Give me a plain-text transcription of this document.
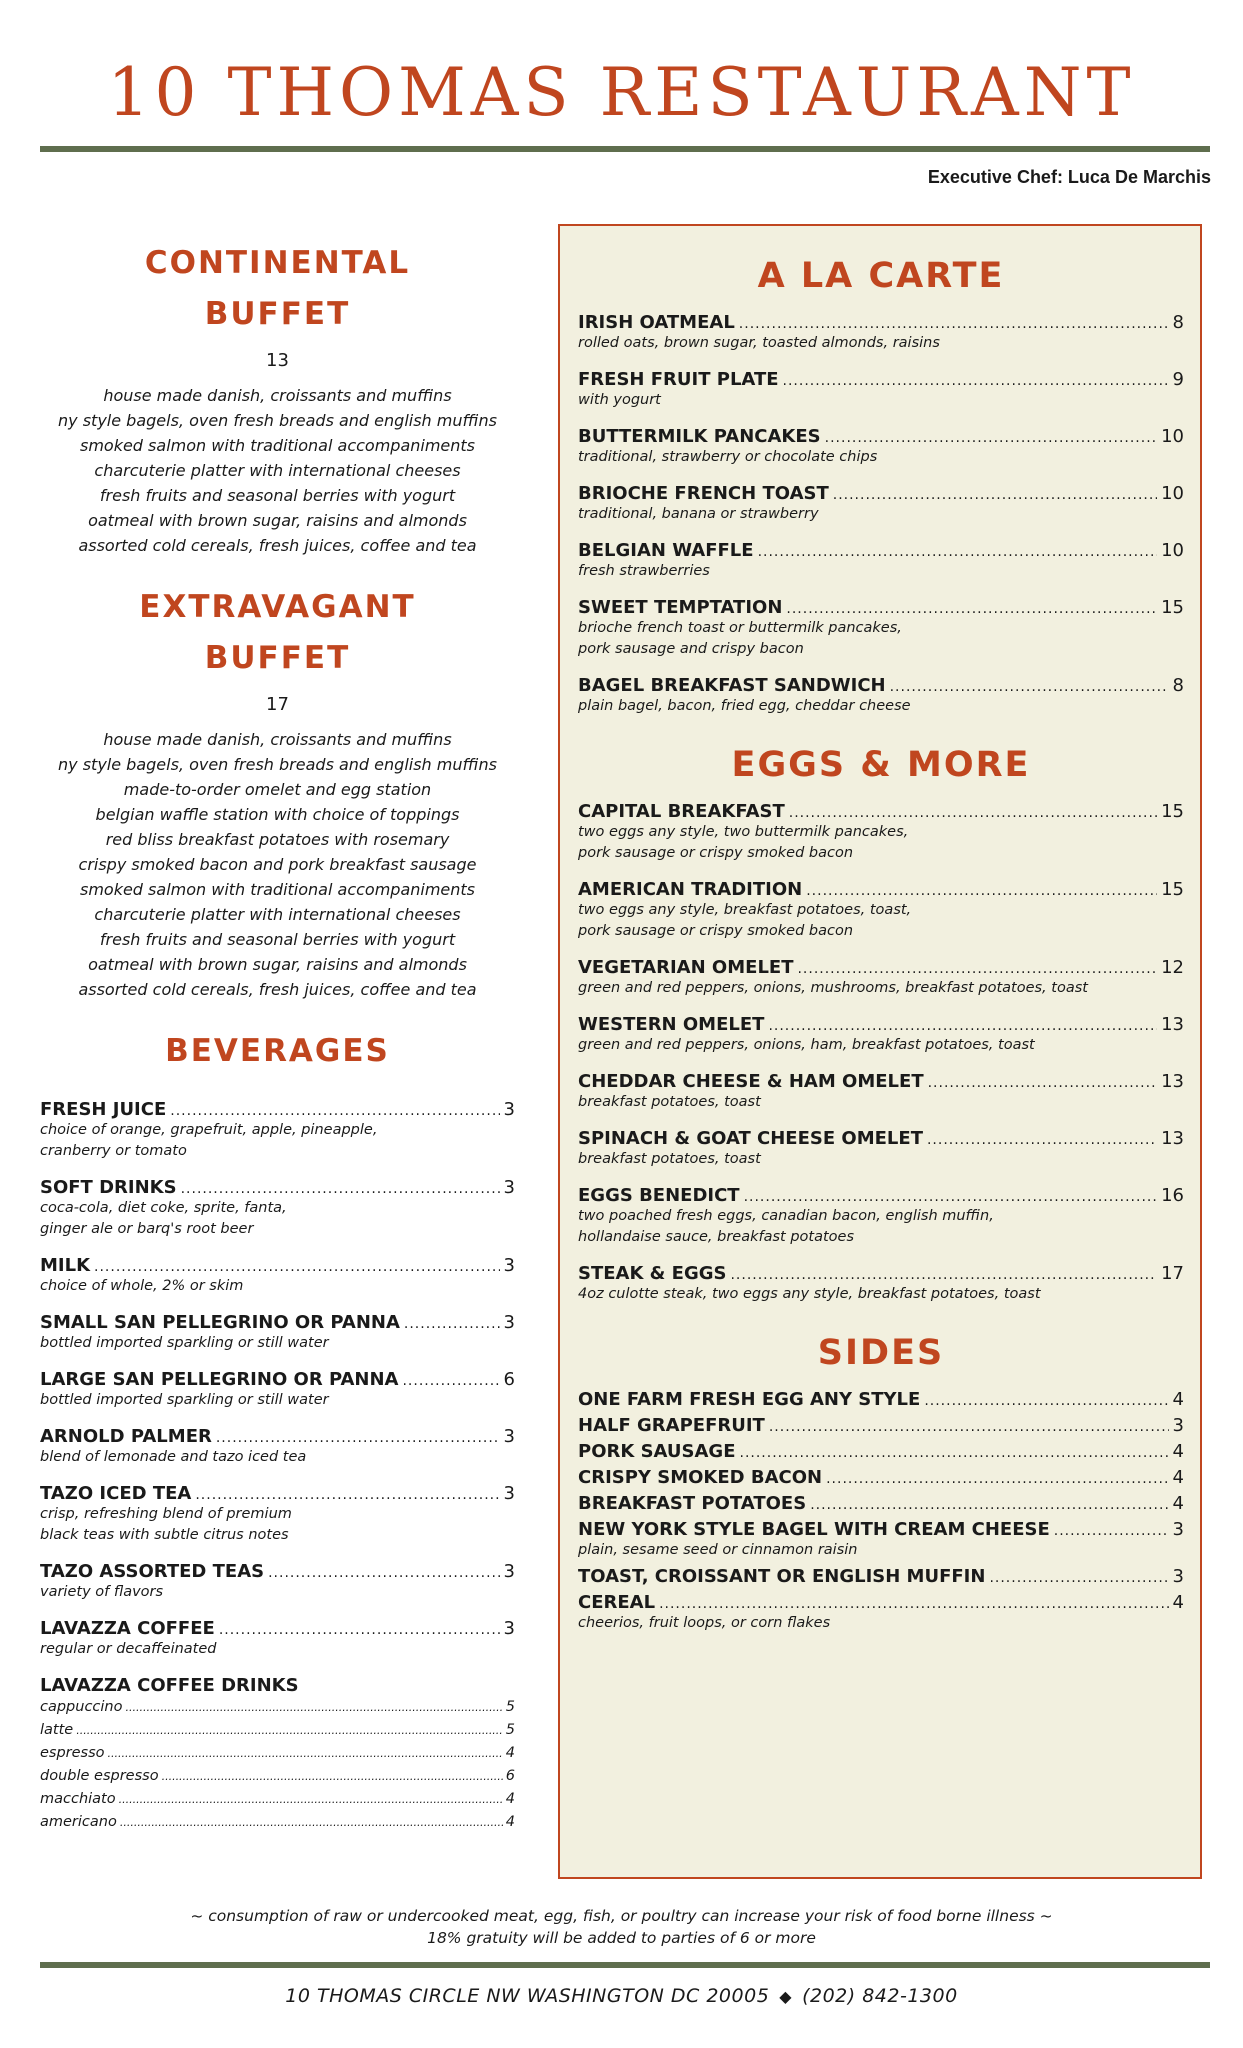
10 THOMAS RESTAURANT
Executive Chef: Luca De Marchis
CONTINENTAL
BUFFET
13
house made danish, croissants and muffins
ny style bagels, oven fresh breads and english muffins
smoked salmon with traditional accompaniments
charcuterie platter with international cheeses
fresh fruits and seasonal berries with yogurt
oatmeal with brown sugar, raisins and almonds
assorted cold cereals, fresh juices, coffee and tea
EXTRAVAGANT
BUFFET
17
house made danish, croissants and muffins
ny style bagels, oven fresh breads and english muffins
made-to-order omelet and egg station
belgian waffle station with choice of toppings
red bliss breakfast potatoes with rosemary
crispy smoked bacon and pork breakfast sausage
smoked salmon with traditional accompaniments
charcuterie platter with international cheeses
fresh fruits and seasonal berries with yogurt
oatmeal with brown sugar, raisins and almonds
assorted cold cereals, fresh juices, coffee and tea
BEVERAGES
FRESH JUICE .....	3
choice of orange, grapefruit, apple, pineapple,
cranberry or tomato
SOFT DRINKS .....	3
coca-cola, diet coke, sprite, fanta,
ginger ale or barq's root beer
MILK .....	3
choice of whole, 2% or skim
SMALL SAN PELLEGRINO OR PANNA .....	3
bottled imported sparkling or still water
LARGE SAN PELLEGRINO OR PANNA .....	6
bottled imported sparkling or still water
ARNOLD PALMER .....	3
blend of lemonade and tazo iced tea
TAZO ICED TEA .....	3
crisp, refreshing blend of premium
black teas with subtle citrus notes
TAZO ASSORTED TEAS .....	3
variety of flavors
LAVAZZA COFFEE .....	3
regular or decaffeinated
LAVAZZA COFFEE DRINKS
cappuccino .....	5
latte .....	5
espresso .....	4
double espresso .....	6
macchiato .....	4
americano .....	4
A LA CARTE
IRISH OATMEAL .....	8
rolled oats, brown sugar, toasted almonds, raisins
FRESH FRUIT PLATE .....	9
with yogurt
BUTTERMILK PANCAKES .....	10
traditional, strawberry or chocolate chips
BRIOCHE FRENCH TOAST .....	10
traditional, banana or strawberry
BELGIAN WAFFLE .....	10
fresh strawberries
SWEET TEMPTATION .....	15
brioche french toast or buttermilk pancakes,
pork sausage and crispy bacon
BAGEL BREAKFAST SANDWICH .....	8
plain bagel, bacon, fried egg, cheddar cheese
EGGS & MORE
CAPITAL BREAKFAST .....	15
two eggs any style, two buttermilk pancakes,
pork sausage or crispy smoked bacon
AMERICAN TRADITION .....	15
two eggs any style, breakfast potatoes, toast,
pork sausage or crispy smoked bacon
VEGETARIAN OMELET .....	12
green and red peppers, onions, mushrooms, breakfast potatoes, toast
WESTERN OMELET .....	13
green and red peppers, onions, ham, breakfast potatoes, toast
CHEDDAR CHEESE & HAM OMELET .....	13
breakfast potatoes, toast
SPINACH & GOAT CHEESE OMELET .....	13
breakfast potatoes, toast
EGGS BENEDICT .....	16
two poached fresh eggs, canadian bacon, english muffin,
hollandaise sauce, breakfast potatoes
STEAK & EGGS .....	17
4oz culotte steak, two eggs any style, breakfast potatoes, toast
SIDES
ONE FARM FRESH EGG ANY STYLE .....	4
HALF GRAPEFRUIT .....	3
PORK SAUSAGE .....	4
CRISPY SMOKED BACON .....	4
BREAKFAST POTATOES .....	4
NEW YORK STYLE BAGEL WITH CREAM CHEESE .....	3
plain, sesame seed or cinnamon raisin
TOAST, CROISSANT OR ENGLISH MUFFIN .....	3
CEREAL .....	4
cheerios, fruit loops, or corn flakes
~ consumption of raw or undercooked meat, egg, fish, or poultry can increase your risk of food borne illness ~
18% gratuity will be added to parties of 6 or more
10 THOMAS CIRCLE NW WASHINGTON DC 20005 ◆ (202) 842-1300
